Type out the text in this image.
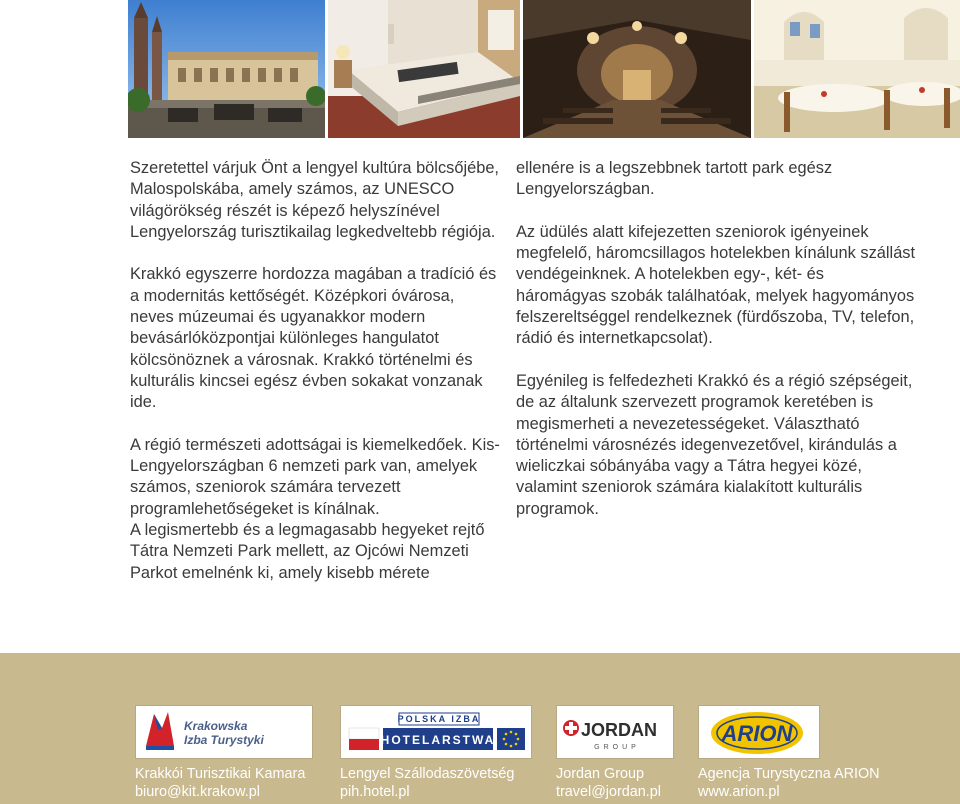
Szeretettel várjuk Önt a lengyel kultúra bölcsőjébe, Malospolskába, amely számos, az UNESCO világörökség részét is képező helyszínével Lengyelország turisztikailag legkedveltebb régiója.

Krakkó egyszerre hordozza magában a tradíció és a modernitás kettőségét. Középkori óvárosa, neves múzeumai és ugyanakkor modern bevásárlóközpontjai különleges hangulatot kölcsönöznek a városnak. Krakkó történelmi és kulturális kincsei egész évben sokakat vonzanak ide.

A régió természeti adottságai is kiemelkedőek. Kis-Lengyelországban 6 nemzeti park van, amelyek számos, szeniorok számára tervezett programlehetőségeket is kínálnak.

A legismertebb és a legmagasabb hegyeket rejtő Tátra Nemzeti Park mellett, az Ojcówi Nemzeti Parkot emelnénk ki, amely kisebb mérete

ellenére is a legszebbnek tartott park egész Lengyelországban.

Az üdülés alatt kifejezetten szeniorok igényeinek megfelelő, háromcsillagos hotelekben kínálunk szállást vendégeinknek. A hotelekben egy-, két- és háromágyas szobák találhatóak, melyek hagyományos felszereltséggel rendelkeznek (fürdőszoba, TV, telefon, rádió és internetkapcsolat).

Egyénileg is felfedezheti Krakkó és a régió szépségeit, de az általunk szervezett programok keretében is megismerheti a nevezetességeket. Választható történelmi városnézés idegenvezetővel, kirándulás a wieliczkai sóbányába vagy a Tátra hegyei közé, valamint szeniorok számára kialakított kulturális programok.

Krakowska
Izba Turystyki
POLSKA IZBA
HOTELARSTWA	JORDAN
GROUP
ARION
Krakkói Turisztikai Kamara
biuro@kit.krakow.pl
Lengyel Szállodaszövetség
pih.hotel.pl
Jordan Group
travel@jordan.pl
Agencja Turystyczna ARION
www.arion.pl
